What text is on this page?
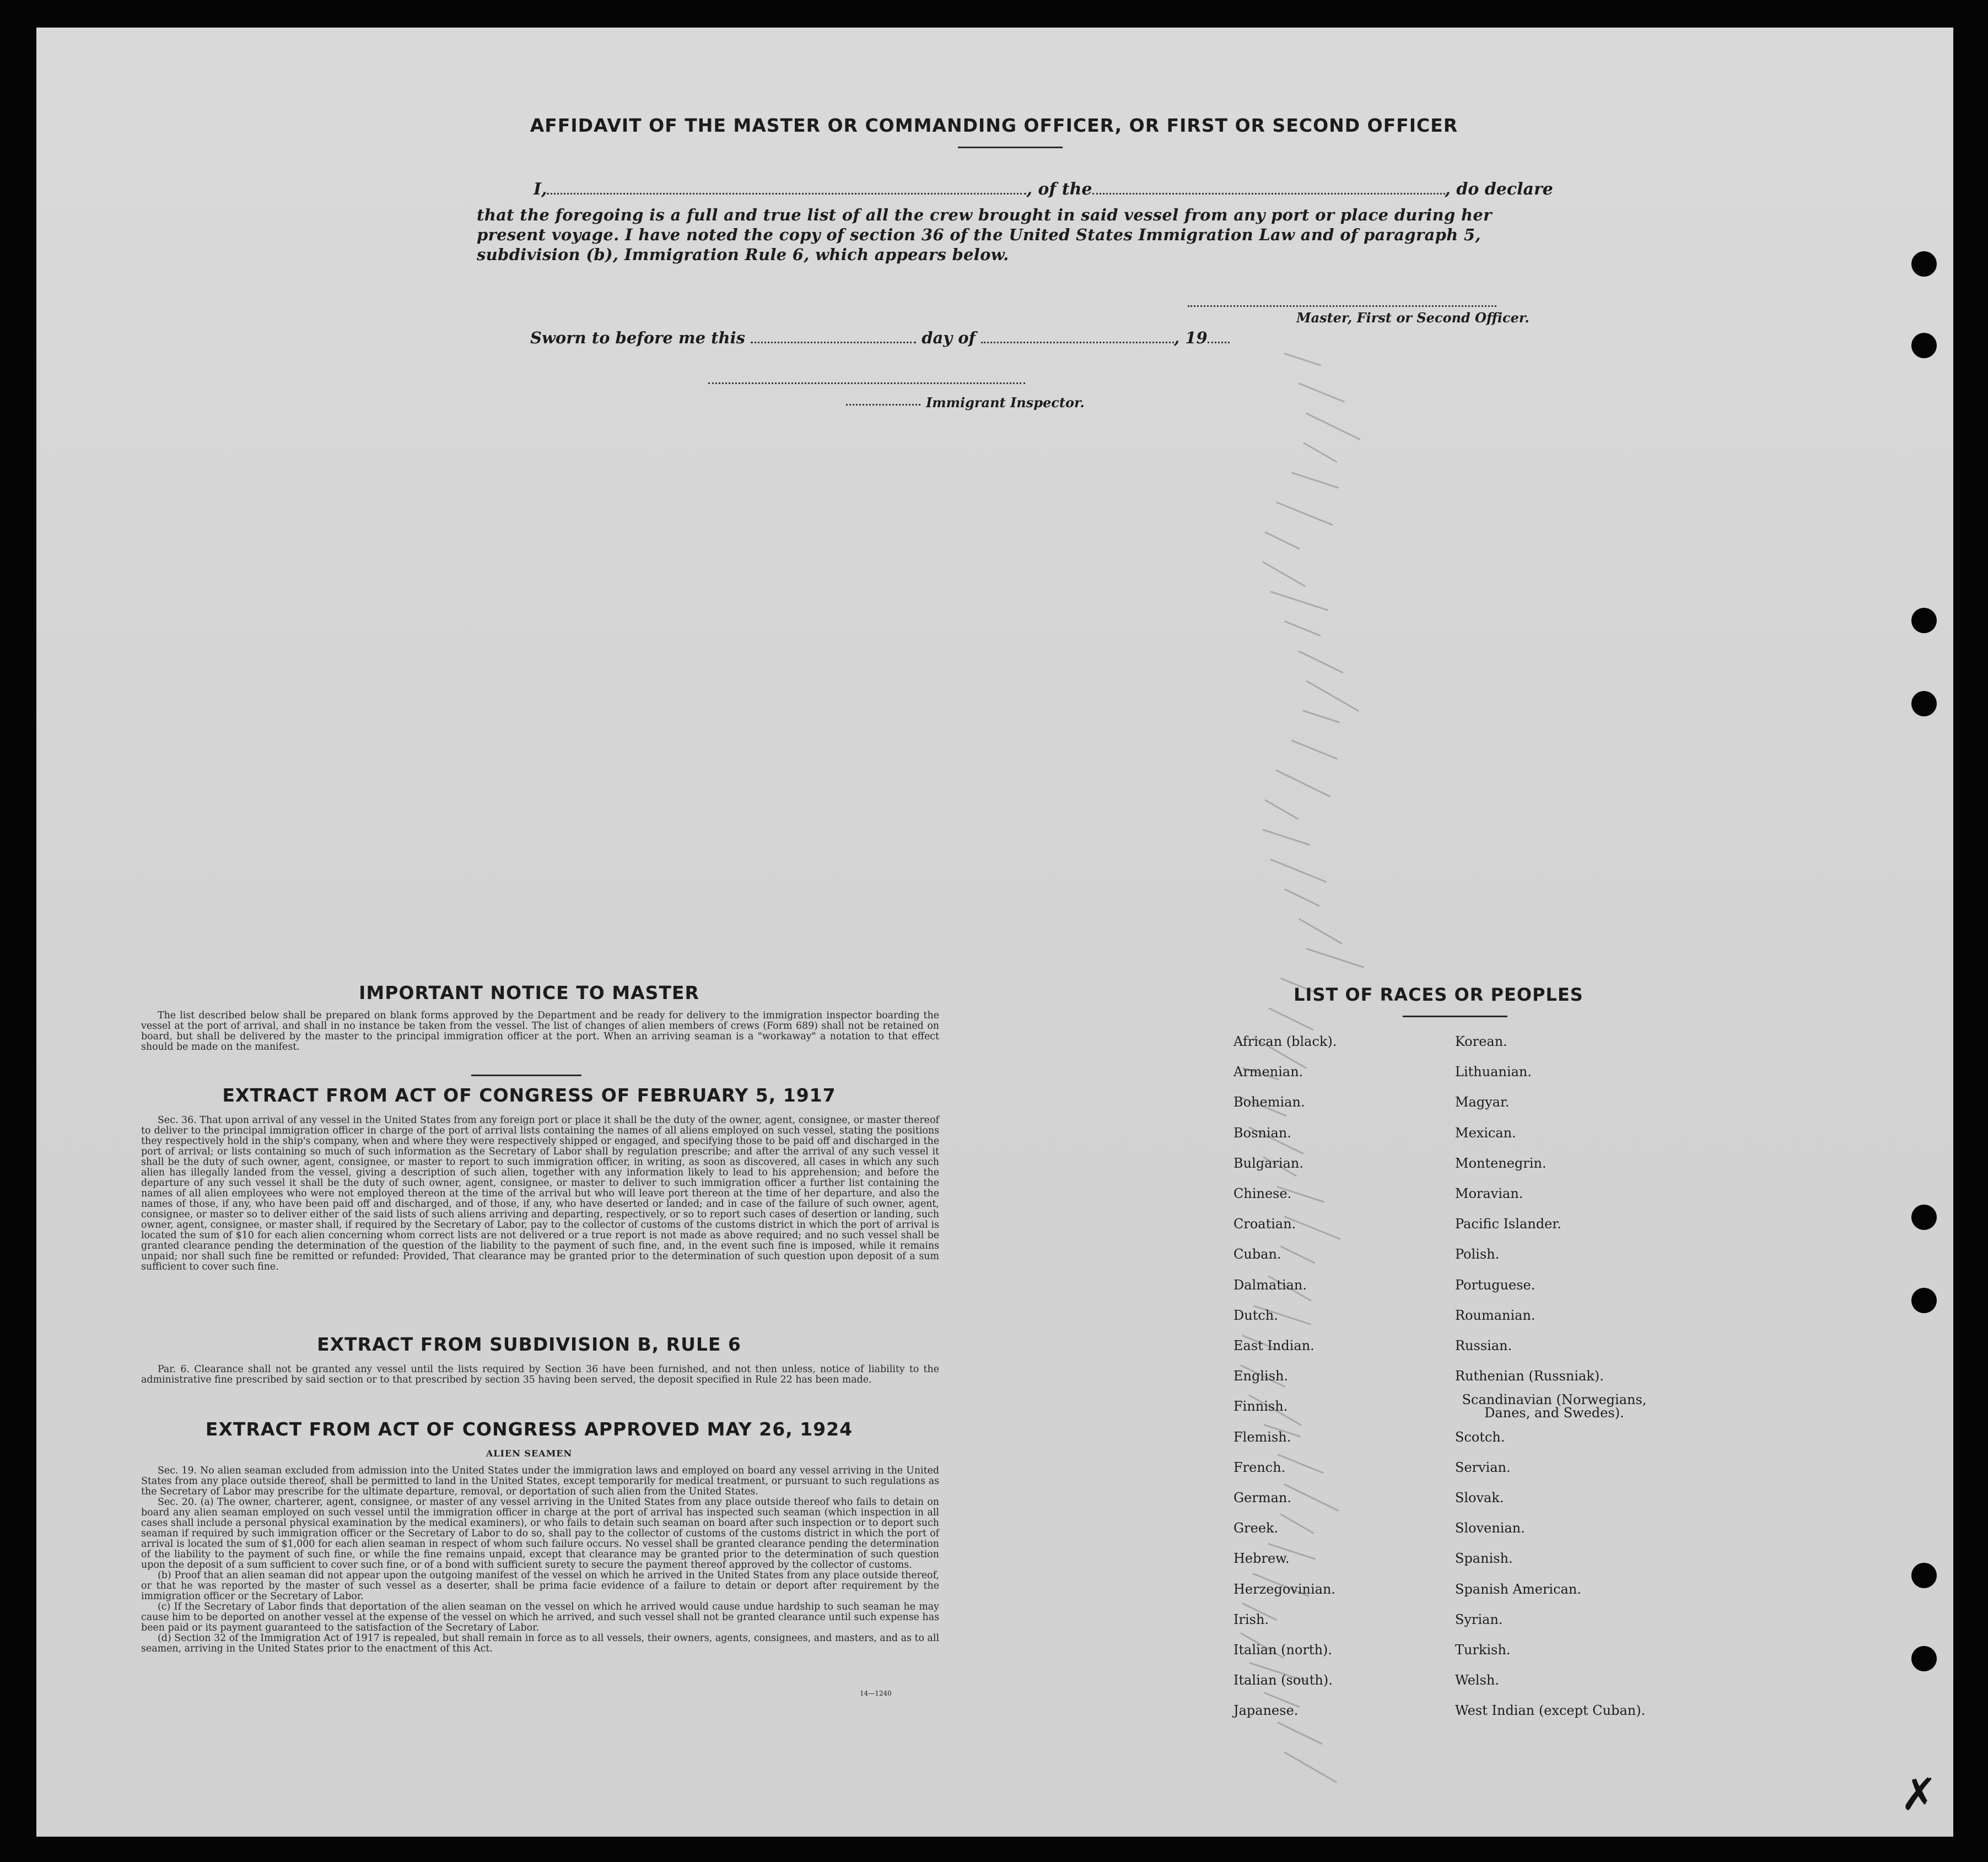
AFFIDAVIT OF THE MASTER OR COMMANDING OFFICER, OR FIRST OR SECOND OFFICER
I,	, of the	, do declare
that the foregoing is a full and true list of all the crew brought in said vessel from any port or place during her present voyage. I have noted the copy of section 36 of the United States Immigration Law and of paragraph 5, subdivision (b), Immigration Rule 6, which appears below.
Master, First or Second Officer.
Sworn to before me this	day of	, 19
Immigrant Inspector.
IMPORTANT NOTICE TO MASTER

The list described below shall be prepared on blank forms approved by the Department and be ready for delivery to the immigration inspector boarding the vessel at the port of arrival, and shall in no instance be taken from the vessel. The list of changes of alien members of crews (Form 689) shall not be retained on board, but shall be delivered by the master to the principal immigration officer at the port. When an arriving seaman is a "workaway" a notation to that effect should be made on the manifest.

EXTRACT FROM ACT OF CONGRESS OF FEBRUARY 5, 1917

Sec. 36. That upon arrival of any vessel in the United States from any foreign port or place it shall be the duty of the owner, agent, consignee, or master thereof to deliver to the principal immigration officer in charge of the port of arrival lists containing the names of all aliens employed on such vessel, stating the positions they respectively hold in the ship's company, when and where they were respectively shipped or engaged, and specifying those to be paid off and discharged in the port of arrival; or lists containing so much of such information as the Secretary of Labor shall by regulation prescribe; and after the arrival of any such vessel it shall be the duty of such owner, agent, consignee, or master to report to such immigration officer, in writing, as soon as discovered, all cases in which any such alien has illegally landed from the vessel, giving a description of such alien, together with any information likely to lead to his apprehension; and before the departure of any such vessel it shall be the duty of such owner, agent, consignee, or master to deliver to such immigration officer a further list containing the names of all alien employees who were not employed thereon at the time of the arrival but who will leave port thereon at the time of her departure, and also the names of those, if any, who have been paid off and discharged, and of those, if any, who have deserted or landed; and in case of the failure of such owner, agent, consignee, or master so to deliver either of the said lists of such aliens arriving and departing, respectively, or so to report such cases of desertion or landing, such owner, agent, consignee, or master shall, if required by the Secretary of Labor, pay to the collector of customs of the customs district in which the port of arrival is located the sum of $10 for each alien concerning whom correct lists are not delivered or a true report is not made as above required; and no such vessel shall be granted clearance pending the determination of the question of the liability to the payment of such fine, and, in the event such fine is imposed, while it remains unpaid; nor shall such fine be remitted or refunded: Provided, That clearance may be granted prior to the determination of such question upon deposit of a sum sufficient to cover such fine.

EXTRACT FROM SUBDIVISION B, RULE 6

Par. 6. Clearance shall not be granted any vessel until the lists required by Section 36 have been furnished, and not then unless, notice of liability to the administrative fine prescribed by said section or to that prescribed by section 35 having been served, the deposit specified in Rule 22 has been made.

EXTRACT FROM ACT OF CONGRESS APPROVED MAY 26, 1924
ALIEN SEAMEN

Sec. 19. No alien seaman excluded from admission into the United States under the immigration laws and employed on board any vessel arriving in the United States from any place outside thereof, shall be permitted to land in the United States, except temporarily for medical treatment, or pursuant to such regulations as the Secretary of Labor may prescribe for the ultimate departure, removal, or deportation of such alien from the United States.

Sec. 20. (a) The owner, charterer, agent, consignee, or master of any vessel arriving in the United States from any place outside thereof who fails to detain on board any alien seaman employed on such vessel until the immigration officer in charge at the port of arrival has inspected such seaman (which inspection in all cases shall include a personal physical examination by the medical examiners), or who fails to detain such seaman on board after such inspection or to deport such seaman if required by such immigration officer or the Secretary of Labor to do so, shall pay to the collector of customs of the customs district in which the port of arrival is located the sum of $1,000 for each alien seaman in respect of whom such failure occurs. No vessel shall be granted clearance pending the determination of the liability to the payment of such fine, or while the fine remains unpaid, except that clearance may be granted prior to the determination of such question upon the deposit of a sum sufficient to cover such fine, or of a bond with sufficient surety to secure the payment thereof approved by the collector of customs.

(b) Proof that an alien seaman did not appear upon the outgoing manifest of the vessel on which he arrived in the United States from any place outside thereof, or that he was reported by the master of such vessel as a deserter, shall be prima facie evidence of a failure to detain or deport after requirement by the immigration officer or the Secretary of Labor.

(c) If the Secretary of Labor finds that deportation of the alien seaman on the vessel on which he arrived would cause undue hardship to such seaman he may cause him to be deported on another vessel at the expense of the vessel on which he arrived, and such vessel shall not be granted clearance until such expense has been paid or its payment guaranteed to the satisfaction of the Secretary of Labor.

(d) Section 32 of the Immigration Act of 1917 is repealed, but shall remain in force as to all vessels, their owners, agents, consignees, and masters, and as to all seamen, arriving in the United States prior to the enactment of this Act.

14—1240
LIST OF RACES OR PEOPLES
African (black).
Armenian.
Bohemian.
Bosnian.
Bulgarian.
Chinese.
Croatian.
Cuban.
Dalmatian.
Dutch.
East Indian.
English.
Finnish.
Flemish.
French.
German.
Greek.
Hebrew.
Herzegovinian.
Irish.
Italian (north).
Italian (south).
Japanese.
Korean.
Lithuanian.
Magyar.
Mexican.
Montenegrin.
Moravian.
Pacific Islander.
Polish.
Portuguese.
Roumanian.
Russian.
Ruthenian (Russniak).
Scandinavian (Norwegians, Danes, and Swedes).
Scotch.
Servian.
Slovak.
Slovenian.
Spanish.
Spanish American.
Syrian.
Turkish.
Welsh.
West Indian (except Cuban).
✗
